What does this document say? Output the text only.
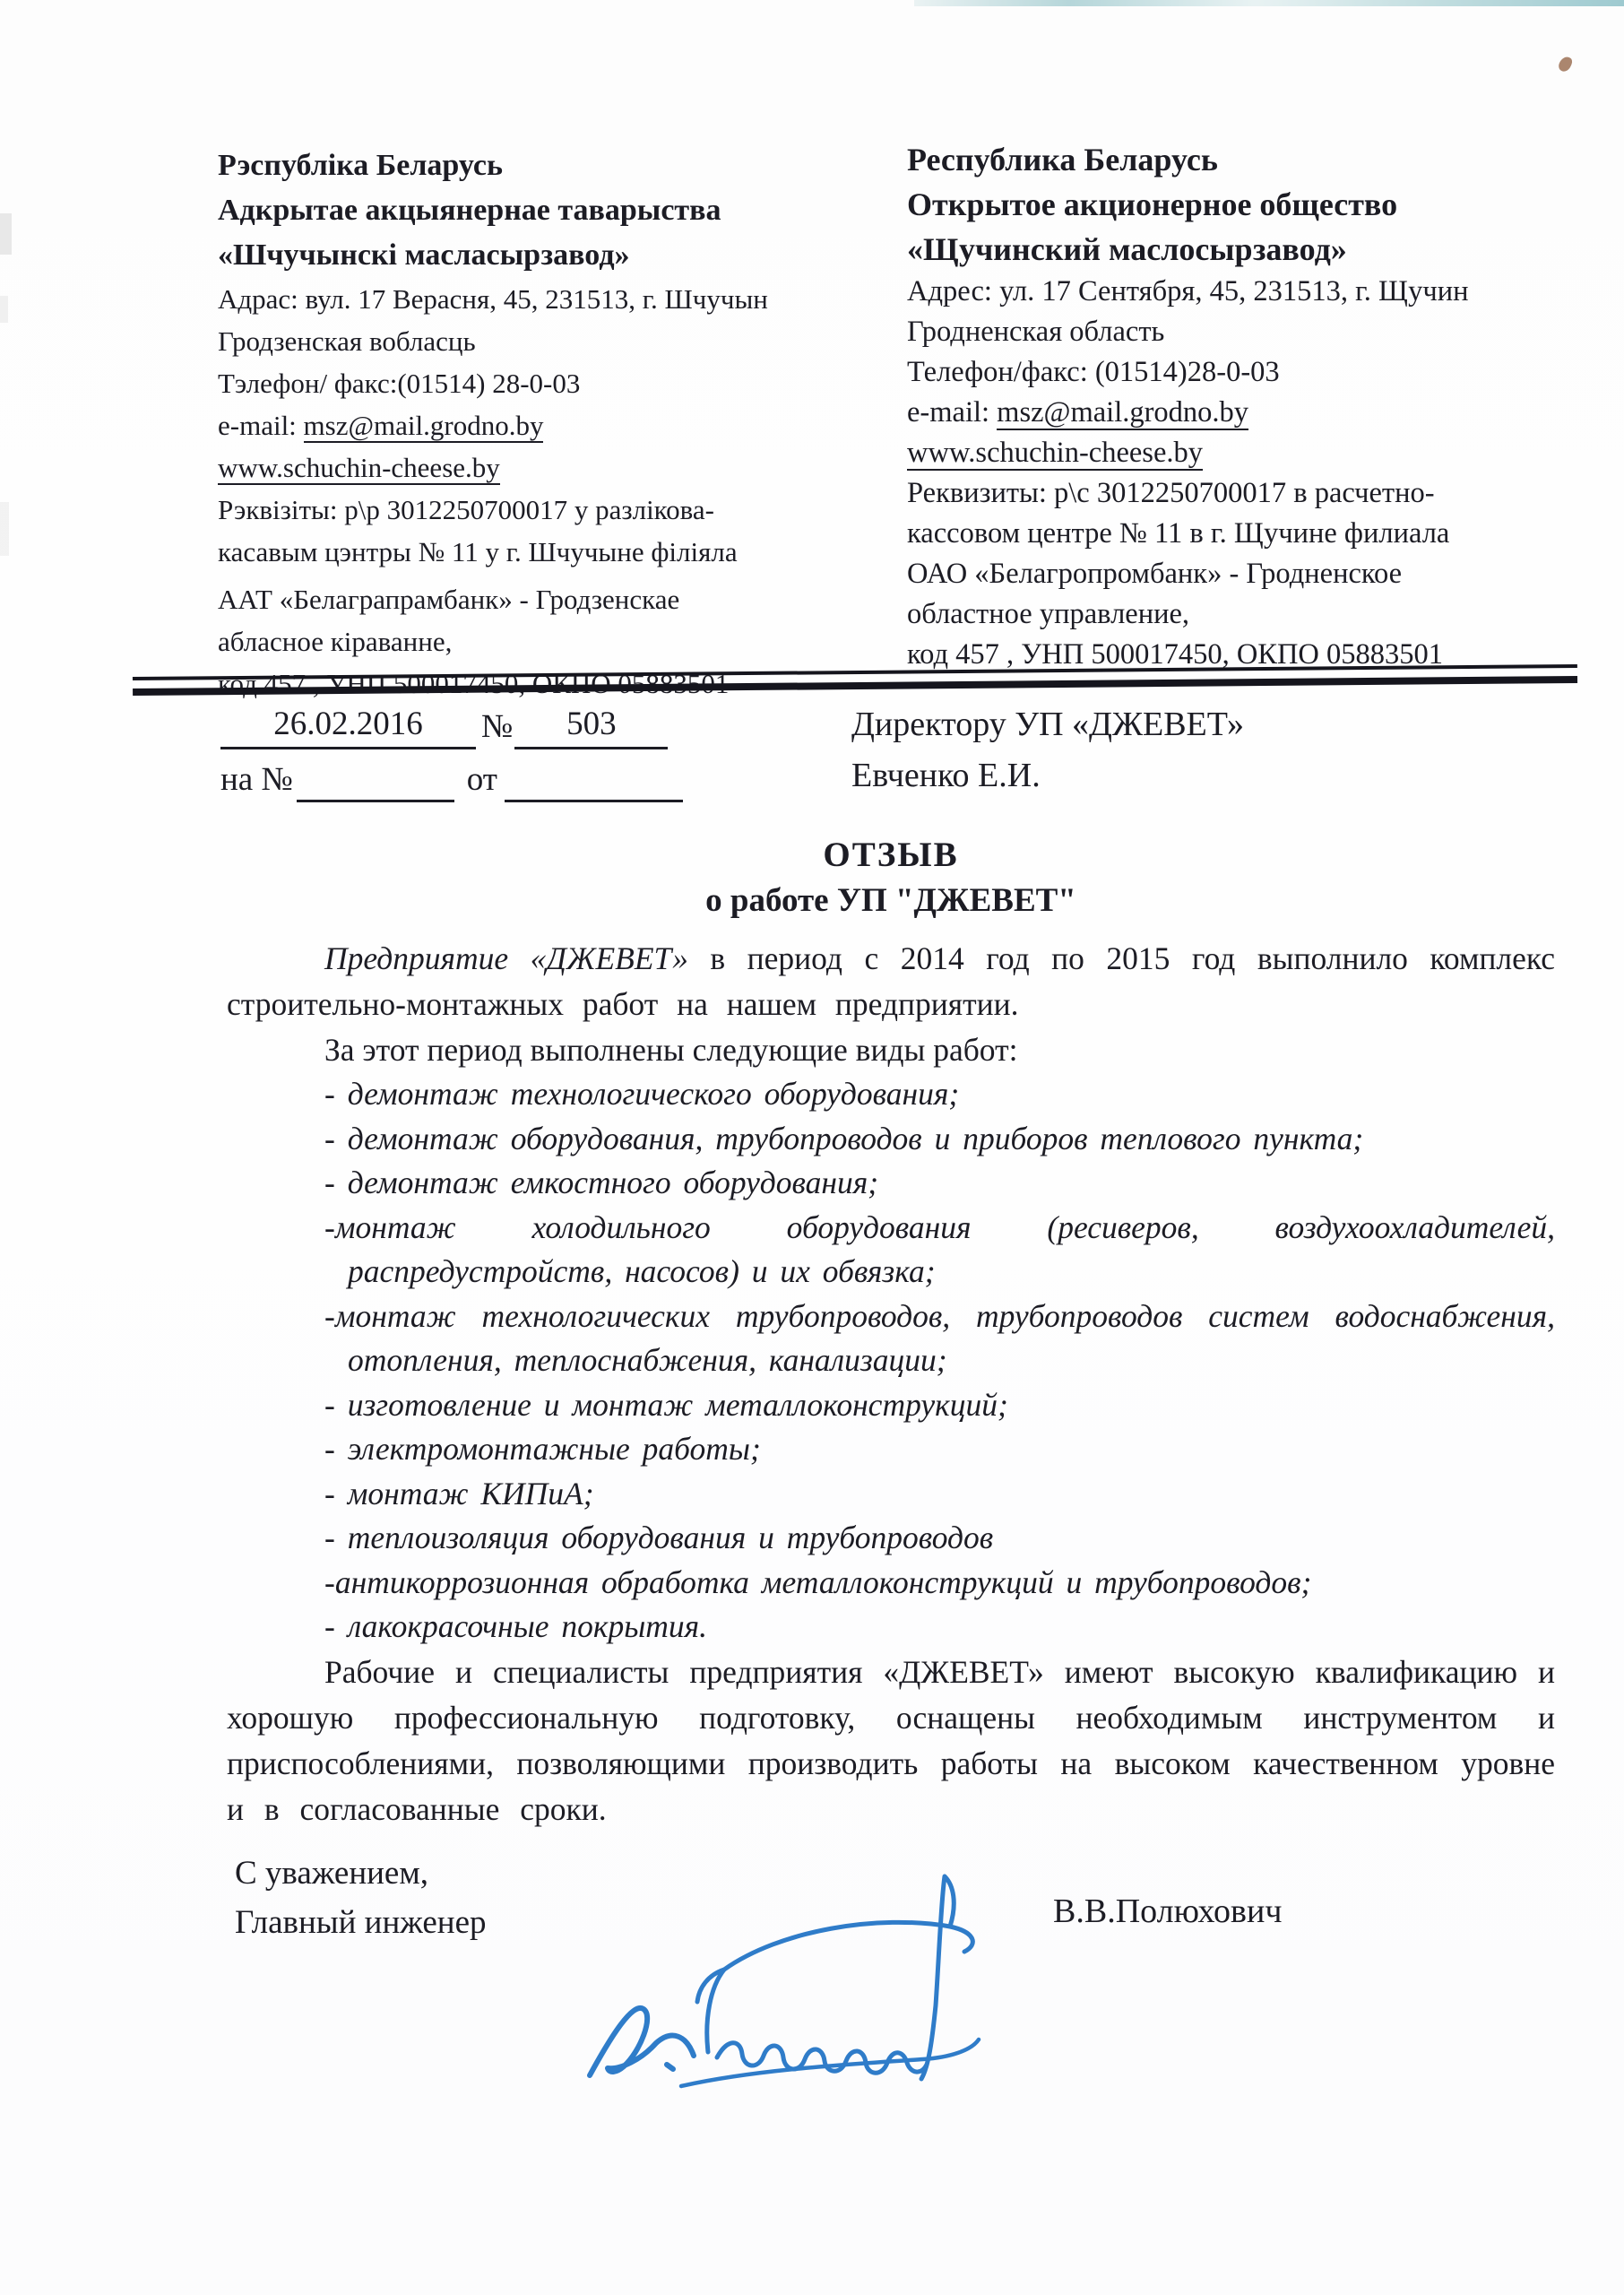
Рэспубліка Беларусь
Адкрытае акцыянернае таварыства
«Шчучынскі масласырзавод»
Адрас: вул. 17 Верасня, 45, 231513, г. Шчучын
Гродзенская вобласць
Тэлефон/ факс:(01514) 28-0-03
e-mail: msz@mail.grodno.by
www.schuchin-cheese.by
Рэквізіты: р\р 3012250700017 у разлікова-
касавым цэнтры № 11 у г. Шчучыне філіяла
ААТ «Белаграпрамбанк» - Гродзенскае
абласное кіраванне,
код 457 , УНП 500017450, ОКПО 05883501
Республика Беларусь
Открытое акционерное общество
«Щучинский маслосырзавод»
Адрес: ул. 17 Сентября, 45, 231513, г. Щучин
Гродненская область
Телефон/факс: (01514)28-0-03
e-mail: msz@mail.grodno.by
www.schuchin-cheese.by
Реквизиты: р\с 3012250700017 в расчетно-
кассовом центре № 11 в г. Щучине филиала
ОАО «Белагропромбанк» - Гродненское
областное управление,
код 457 , УНП 500017450, ОКПО 05883501
26.02.2016	№	503
на №	от
Директору УП «ДЖЕВЕТ»
Евченко Е.И.
ОТЗЫВ
о работе УП "ДЖЕВЕТ"
Предприятие «ДЖЕВЕТ» в период с 2014 год по 2015 год выполнило комплекс строительно-монтажных работ на нашем предприятии.
За этот период выполнены следующие виды работ:
- демонтаж технологического оборудования;
- демонтаж оборудования, трубопроводов и приборов теплового пункта;
- демонтаж емкостного оборудования;
-монтаж холодильного оборудования (ресиверов, воздухоохладителей, распредустройств, насосов) и их обвязка;
-монтаж технологических трубопроводов, трубопроводов систем водоснабжения, отопления, теплоснабжения, канализации;
- изготовление и монтаж металлоконструкций;
- электромонтажные работы;
- монтаж КИПиА;
- теплоизоляция оборудования и трубопроводов
-антикоррозионная обработка металлоконструкций и трубопроводов;
- лакокрасочные покрытия.
Рабочие и специалисты предприятия «ДЖЕВЕТ» имеют высокую квалификацию и хорошую профессиональную подготовку, оснащены необходимым инструментом и приспособлениями, позволяющими производить работы на высоком качественном уровне и в согласованные сроки.
С уважением,
Главный инженер	В.В.Полюхович
